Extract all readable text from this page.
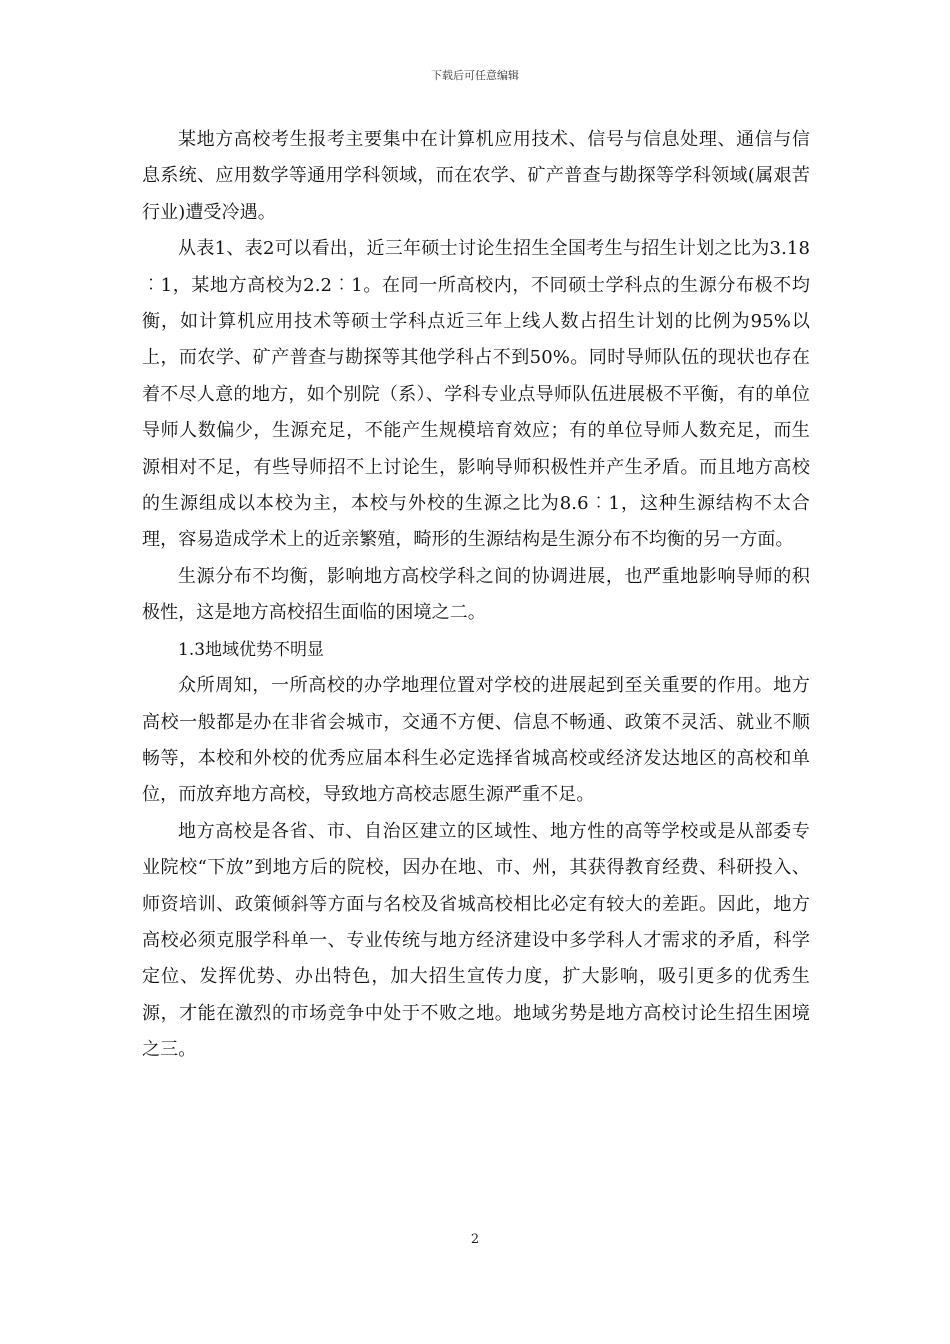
下载后可任意编辑

某地方高校考生报考主要集中在计算机应用技术、信号与信息处理、通信与信息系统、应用数学等通用学科领域，而在农学、矿产普查与勘探等学科领域(属艰苦行业)遭受冷遇。

从表1、表2可以看出，近三年硕士讨论生招生全国考生与招生计划之比为3.18︰1，某地方高校为2.2︰1。在同一所高校内，不同硕士学科点的生源分布极不均衡，如计算机应用技术等硕士学科点近三年上线人数占招生计划的比例为95%以上，而农学、矿产普查与勘探等其他学科占不到50%。同时导师队伍的现状也存在着不尽人意的地方，如个别院（系）、学科专业点导师队伍进展极不平衡，有的单位导师人数偏少，生源充足，不能产生规模培育效应；有的单位导师人数充足，而生源相对不足，有些导师招不上讨论生，影响导师积极性并产生矛盾。而且地方高校的生源组成以本校为主，本校与外校的生源之比为8.6︰1，这种生源结构不太合理，容易造成学术上的近亲繁殖，畸形的生源结构是生源分布不均衡的另一方面。

生源分布不均衡，影响地方高校学科之间的协调进展，也严重地影响导师的积极性，这是地方高校招生面临的困境之二。

1.3地域优势不明显

众所周知，一所高校的办学地理位置对学校的进展起到至关重要的作用。地方高校一般都是办在非省会城市，交通不方便、信息不畅通、政策不灵活、就业不顺畅等，本校和外校的优秀应届本科生必定选择省城高校或经济发达地区的高校和单位，而放弃地方高校，导致地方高校志愿生源严重不足。

地方高校是各省、市、自治区建立的区域性、地方性的高等学校或是从部委专业院校“下放”到地方后的院校，因办在地、市、州，其获得教育经费、科研投入、师资培训、政策倾斜等方面与名校及省城高校相比必定有较大的差距。因此，地方高校必须克服学科单一、专业传统与地方经济建设中多学科人才需求的矛盾，科学定位、发挥优势、办出特色，加大招生宣传力度，扩大影响，吸引更多的优秀生源，才能在激烈的市场竞争中处于不败之地。地域劣势是地方高校讨论生招生困境之三。

2
